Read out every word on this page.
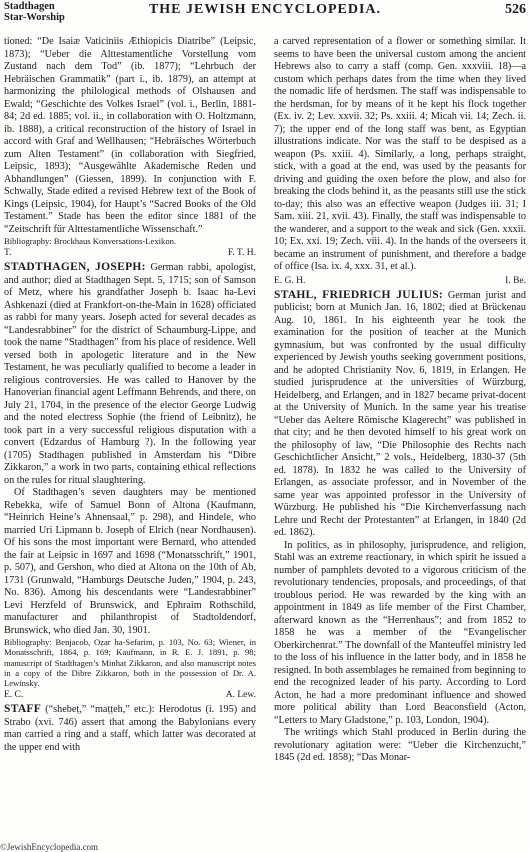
Stadthagen
Star-Worship
THE JEWISH ENCYCLOPEDIA.	526

tioned: “De Isaiæ Vaticiniis Æthiopicis Diatribe” (Leipsic, 1873); “Ueber die Alttestamentliche Vorstellung vom Zustand nach dem Tod” (ib. 1877); “Lehrbuch der Hebräischen Grammatik” (part i., ib. 1879), an attempt at harmonizing the philological methods of Olshausen and Ewald; “Geschichte des Volkes Israel” (vol. i., Berlin, 1881-84; 2d ed. 1885; vol. ii., in collaboration with O. Holtzmann, ib. 1888), a critical reconstruction of the history of Israel in accord with Graf and Wellhausen; “Hebräisches Wörterbuch zum Alten Testament” (in collaboration with Siegfried, Leipsic, 1893); “Ausgewählte Akademische Reden und Abhandlungen” (Giessen, 1899). In conjunction with F. Schwally, Stade edited a revised Hebrew text of the Book of Kings (Leipsic, 1904), for Haupt’s “Sacred Books of the Old Testament.” Stade has been the editor since 1881 of the “Zeitschrift für Alttestamentliche Wissenschaft.”

Bibliography: Brockhaus Konversations-Lexikon.

T.	F. T. H.

STADTHAGEN, JOSEPH: German rabbi, apologist, and author; died at Stadthagen Sept. 5, 1715; son of Samson of Metz, where his grandfather Joseph b. Isaac ha-Levi Ashkenazi (died at Frankfort-on-the-Main in 1628) officiated as rabbi for many years. Joseph acted for several decades as “Landesrabbiner” for the district of Schaumburg-Lippe, and took the name “Stadthagen” from his place of residence. Well versed both in apologetic literature and in the New Testament, he was peculiarly qualified to become a leader in religious controversies. He was called to Hanover by the Hanoverian financial agent Leffmann Behrends, and there, on July 21, 1704, in the presence of the elector George Ludwig and the noted electress Sophie (the friend of Leibnitz), he took part in a very successful religious disputation with a convert (Edzardus of Hamburg ?). In the following year (1705) Stadthagen published in Amsterdam his “Dibre Zikkaron,” a work in two parts, containing ethical reflections on the rules for ritual slaughtering.

Of Stadthagen’s seven daughters may be mentioned Rebekka, wife of Samuel Bonn of Altona (Kaufmann, “Heinrich Heine’s Ahnensaal,” p. 298), and Hindele, who married Uri Lipmann b. Joseph of Elrich (near Nordhausen). Of his sons the most important were Bernard, who attended the fair at Leipsic in 1697 and 1698 (“Monatsschrift,” 1901, p. 507), and Gershon, who died at Altona on the 10th of Ab, 1731 (Grunwald, “Hamburgs Deutsche Juden,” 1904, p. 243, No. 836). Among his descendants were “Landesrabbiner” Levi Herzfeld of Brunswick, and Ephraim Rothschild, manufacturer and philanthropist of Stadtoldendorf, Brunswick, who died Jan. 30, 1901.

Bibliography: Benjacob, Oẓar ha-Sefarim, p. 103, No. 63; Wiener, in Monatsschrift, 1864, p. 169; Kaufmann, in R. E. J. 1891, p. 98; manuscript of Stadthagen’s Minhat Zikkaron, and also manuscript notes in a copy of the Dibre Zikkaron, both in the possession of Dr. A. Lewinsky.

E. C.	A. Lew.

STAFF (“shebeṭ,” “maṭṭeh,” etc.): Herodotus (i. 195) and Strabo (xvi. 746) assert that among the Babylonians every man carried a ring and a staff, which latter was decorated at the upper end with

a carved representation of a flower or something similar. It seems to have been the universal custom among the ancient Hebrews also to carry a staff (comp. Gen. xxxviii. 18)—a custom which perhaps dates from the time when they lived the nomadic life of herdsmen. The staff was indispensable to the herdsman, for by means of it he kept his flock together (Ex. iv. 2; Lev. xxvii. 32; Ps. xxiii. 4; Micah vii. 14; Zech. ii. 7); the upper end of the long staff was bent, as Egyptian illustrations indicate. Nor was the staff to be despised as a weapon (Ps. xxiii. 4). Similarly, a long, perhaps straight, stick, with a goad at the end, was used by the peasants for driving and guiding the oxen before the plow, and also for breaking the clods behind it, as the peasants still use the stick to-day; this also was an effective weapon (Judges iii. 31; I Sam. xiii. 21, xvii. 43). Finally, the staff was indispensable to the wanderer, and a support to the weak and sick (Gen. xxxii. 10; Ex. xxi. 19; Zech. viii. 4). In the hands of the overseers it became an instrument of punishment, and therefore a badge of office (Isa. ix. 4, xxx. 31, et al.).

E. G. H.	I. Be.

STAHL, FRIEDRICH JULIUS: German jurist and publicist; born at Munich Jan. 16, 1802; died at Brückenau Aug. 10, 1861. In his eighteenth year he took the examination for the position of teacher at the Munich gymnasium, but was confronted by the usual difficulty experienced by Jewish youths seeking government positions, and he adopted Christianity Nov. 6, 1819, in Erlangen. He studied jurisprudence at the universities of Würzburg, Heidelberg, and Erlangen, and in 1827 became privat-docent at the University of Munich. In the same year his treatise “Ueber das Aeltere Römische Klagerecht” was published in that city; and he then devoted himself to his great work on the philosophy of law, “Die Philosophie des Rechts nach Geschichtlicher Ansicht,” 2 vols., Heidelberg, 1830-37 (5th ed. 1878). In 1832 he was called to the University of Erlangen, as associate professor, and in November of the same year was appointed professor in the University of Würzburg. He published his “Die Kirchenverfassung nach Lehre und Recht der Protestanten” at Erlangen, in 1840 (2d ed. 1862).

In politics, as in philosophy, jurisprudence, and religion, Stahl was an extreme reactionary, in which spirit he issued a number of pamphlets devoted to a vigorous criticism of the revolutionary tendencies, proposals, and proceedings, of that troublous period. He was rewarded by the king with an appointment in 1849 as life member of the First Chamber, afterward known as the “Herrenhaus”; and from 1852 to 1858 he was a member of the “Evangelischer Oberkirchenrat.” The downfall of the Manteuffel ministry led to the loss of his influence in the latter body, and in 1858 he resigned. In both assemblages he remained from beginning to end the recognized leader of his party. According to Lord Acton, he had a more predominant influence and showed more political ability than Lord Beaconsfield (Acton, “Letters to Mary Gladstone,” p. 103, London, 1904).

The writings which Stahl produced in Berlin during the revolutionary agitation were: “Ueber die Kirchenzucht,” 1845 (2d ed. 1858); “Das Monar-

©JewishEncyclopedia.com
